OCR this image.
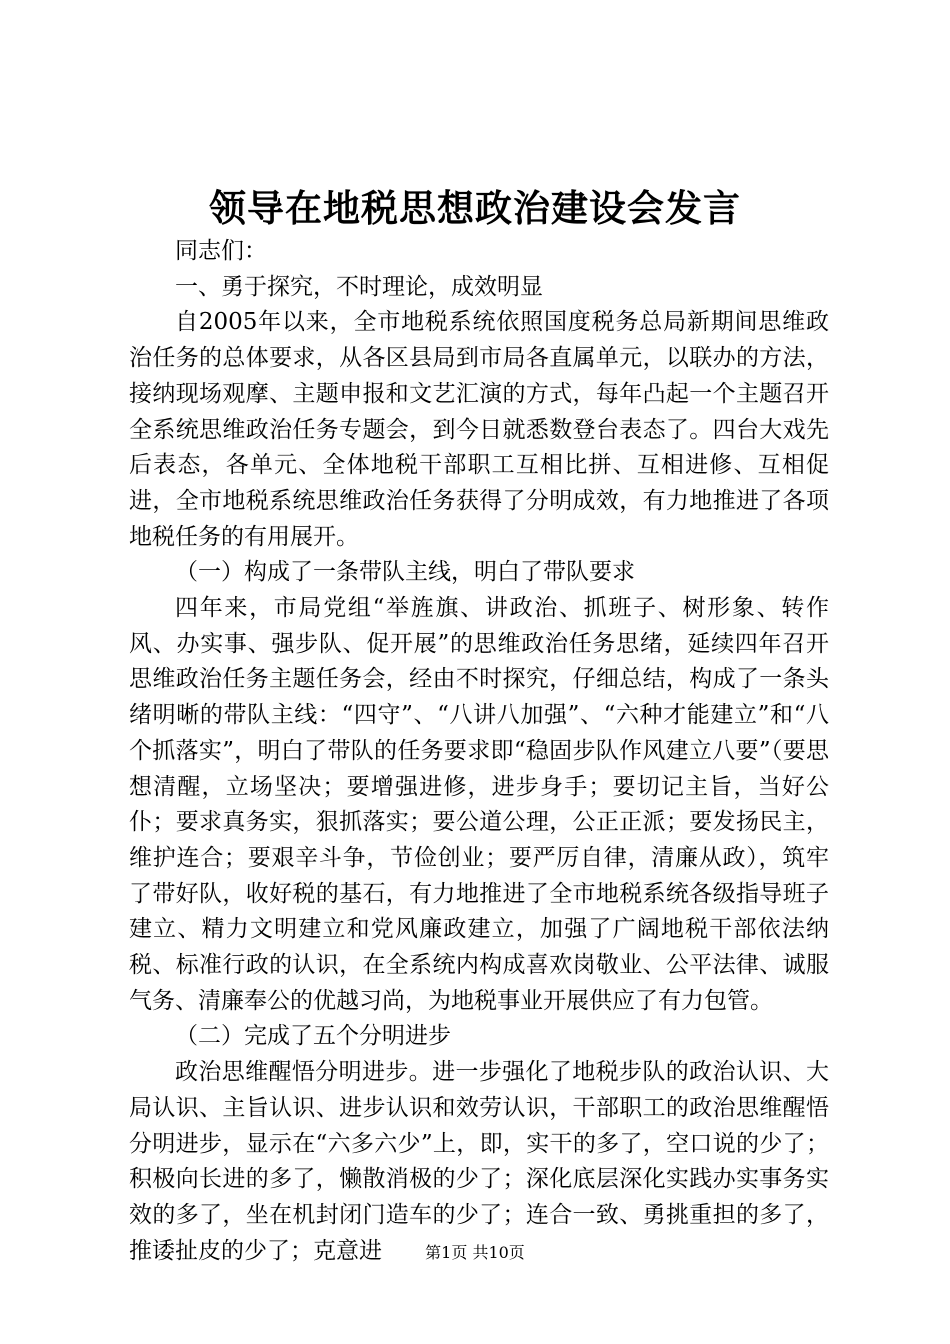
领导在地税思想政治建设会发言

同志们：

一、勇于探究，不时理论，成效明显

自2005年以来，全市地税系统依照国度税务总局新期间思维政治任务的总体要求，从各区县局到市局各直属单元，以联办的方法，接纳现场观摩、主题申报和文艺汇演的方式，每年凸起一个主题召开全系统思维政治任务专题会，到今日就悉数登台表态了。四台大戏先后表态，各单元、全体地税干部职工互相比拼、互相进修、互相促进，全市地税系统思维政治任务获得了分明成效，有力地推进了各项地税任务的有用展开。

（一）构成了一条带队主线，明白了带队要求

四年来，市局党组“举旌旗、讲政治、抓班子、树形象、转作风、办实事、强步队、促开展”的思维政治任务思绪，延续四年召开思维政治任务主题任务会，经由不时探究，仔细总结，构成了一条头绪明晰的带队主线：“四守”、“八讲八加强”、“六种才能建立”和“八个抓落实”，明白了带队的任务要求即“稳固步队作风建立八要”（要思想清醒，立场坚决；要增强进修，进步身手；要切记主旨，当好公仆；要求真务实，狠抓落实；要公道公理，公正正派；要发扬民主，维护连合；要艰辛斗争，节俭创业；要严厉自律，清廉从政），筑牢了带好队，收好税的基石，有力地推进了全市地税系统各级指导班子建立、精力文明建立和党风廉政建立，加强了广阔地税干部依法纳税、标准行政的认识，在全系统内构成喜欢岗敬业、公平法律、诚服气务、清廉奉公的优越习尚，为地税事业开展供应了有力包管。

（二）完成了五个分明进步

政治思维醒悟分明进步。进一步强化了地税步队的政治认识、大局认识、主旨认识、进步认识和效劳认识，干部职工的政治思维醒悟分明进步，显示在“六多六少”上，即，实干的多了，空口说的少了；积极向长进的多了，懒散消极的少了；深化底层深化实践办实事务实效的多了，坐在机封闭门造车的少了；连合一致、勇挑重担的多了，推诿扯皮的少了；克意进	第1页 共10页
